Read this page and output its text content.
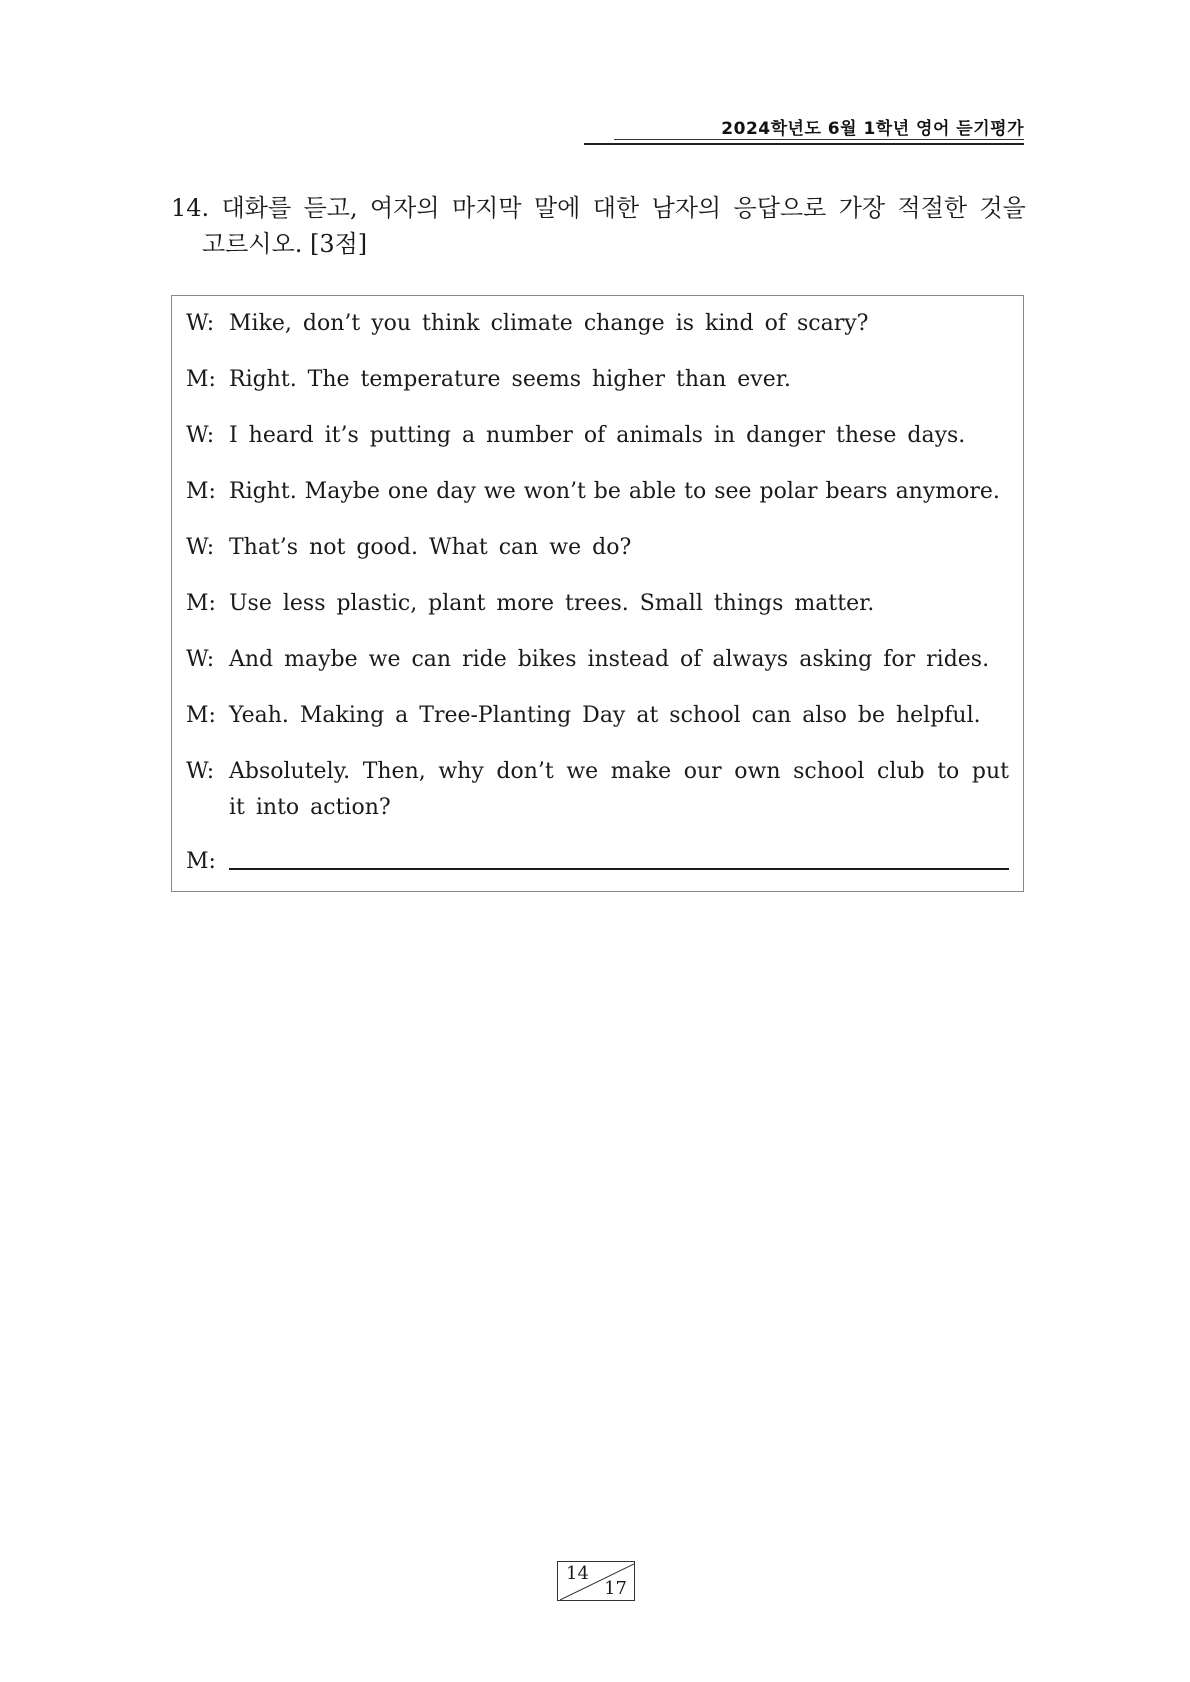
2024학년도 6월 1학년 영어 듣기평가
14. 대화를 듣고, 여자의 마지막 말에 대한 남자의 응답으로 가장 적절한 것을
고르시오. [3점]
W: Mike, don’t you think climate change is kind of scary?
M: Right. The temperature seems higher than ever.
W: I heard it’s putting a number of animals in danger these days.
M: Right. Maybe one day we won’t be able to see polar bears anymore.
W: That’s not good. What can we do?
M: Use less plastic, plant more trees. Small things matter.
W: And maybe we can ride bikes instead of always asking for rides.
M: Yeah. Making a Tree-Planting Day at school can also be helpful.
W: Absolutely. Then, why don’t we make our own school club to put it into action?
M:
14
17
